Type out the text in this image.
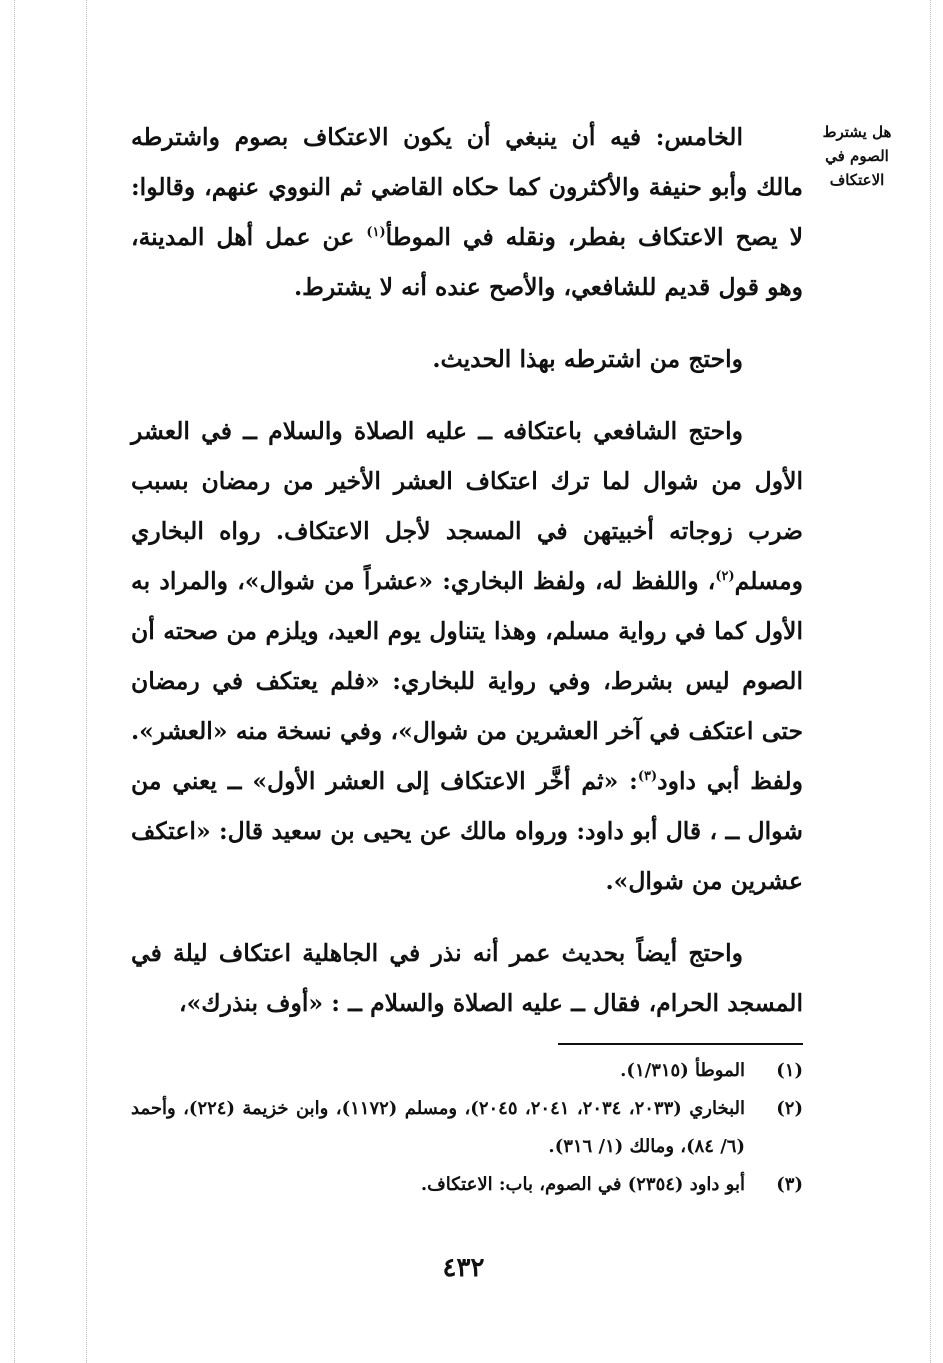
هل يشترط الصوم في الاعتكاف

الخامس: فيه أن ينبغي أن يكون الاعتكاف بصوم واشترطه مالك وأبو حنيفة والأكثرون كما حكاه القاضي ثم النووي عنهم، وقالوا: لا يصح الاعتكاف بفطر، ونقله في الموطأ$^{(١)}$ عن عمل أهل المدينة، وهو قول قديم للشافعي، والأصح عنده أنه لا يشترط.

واحتج من اشترطه بهذا الحديث.

واحتج الشافعي باعتكافه ــ عليه الصلاة والسلام ــ في العشر الأول من شوال لما ترك اعتكاف العشر الأخير من رمضان بسبب ضرب زوجاته أخبيتهن في المسجد لأجل الاعتكاف. رواه البخاري ومسلم$^{(٢)}$، واللفظ له، ولفظ البخاري: «عشراً من شوال»، والمراد به الأول كما في رواية مسلم، وهذا يتناول يوم العيد، ويلزم من صحته أن الصوم ليس بشرط، وفي رواية للبخاري: «فلم يعتكف في رمضان حتى اعتكف في آخر العشرين من شوال»، وفي نسخة منه «العشر». ولفظ أبي داود$^{(٣)}$: «ثم أخَّر الاعتكاف إلى العشر الأول» ــ يعني من شوال ــ ، قال أبو داود: ورواه مالك عن يحيى بن سعيد قال: «اعتكف عشرين من شوال».

واحتج أيضاً بحديث عمر أنه نذر في الجاهلية اعتكاف ليلة في المسجد الحرام، فقال ــ عليه الصلاة والسلام ــ : «أوف بنذرك»،

(١)الموطأ (١/٣١٥).

(٢)البخاري (٢٠٣٣، ٢٠٣٤، ٢٠٤١، ٢٠٤٥)، ومسلم (١١٧٢)، وابن خزيمة (٢٢٤)، وأحمد (٦/ ٨٤)، ومالك (١/ ٣١٦).

(٣)أبو داود (٢٣٥٤) في الصوم، باب: الاعتكاف.

٤٣٢
